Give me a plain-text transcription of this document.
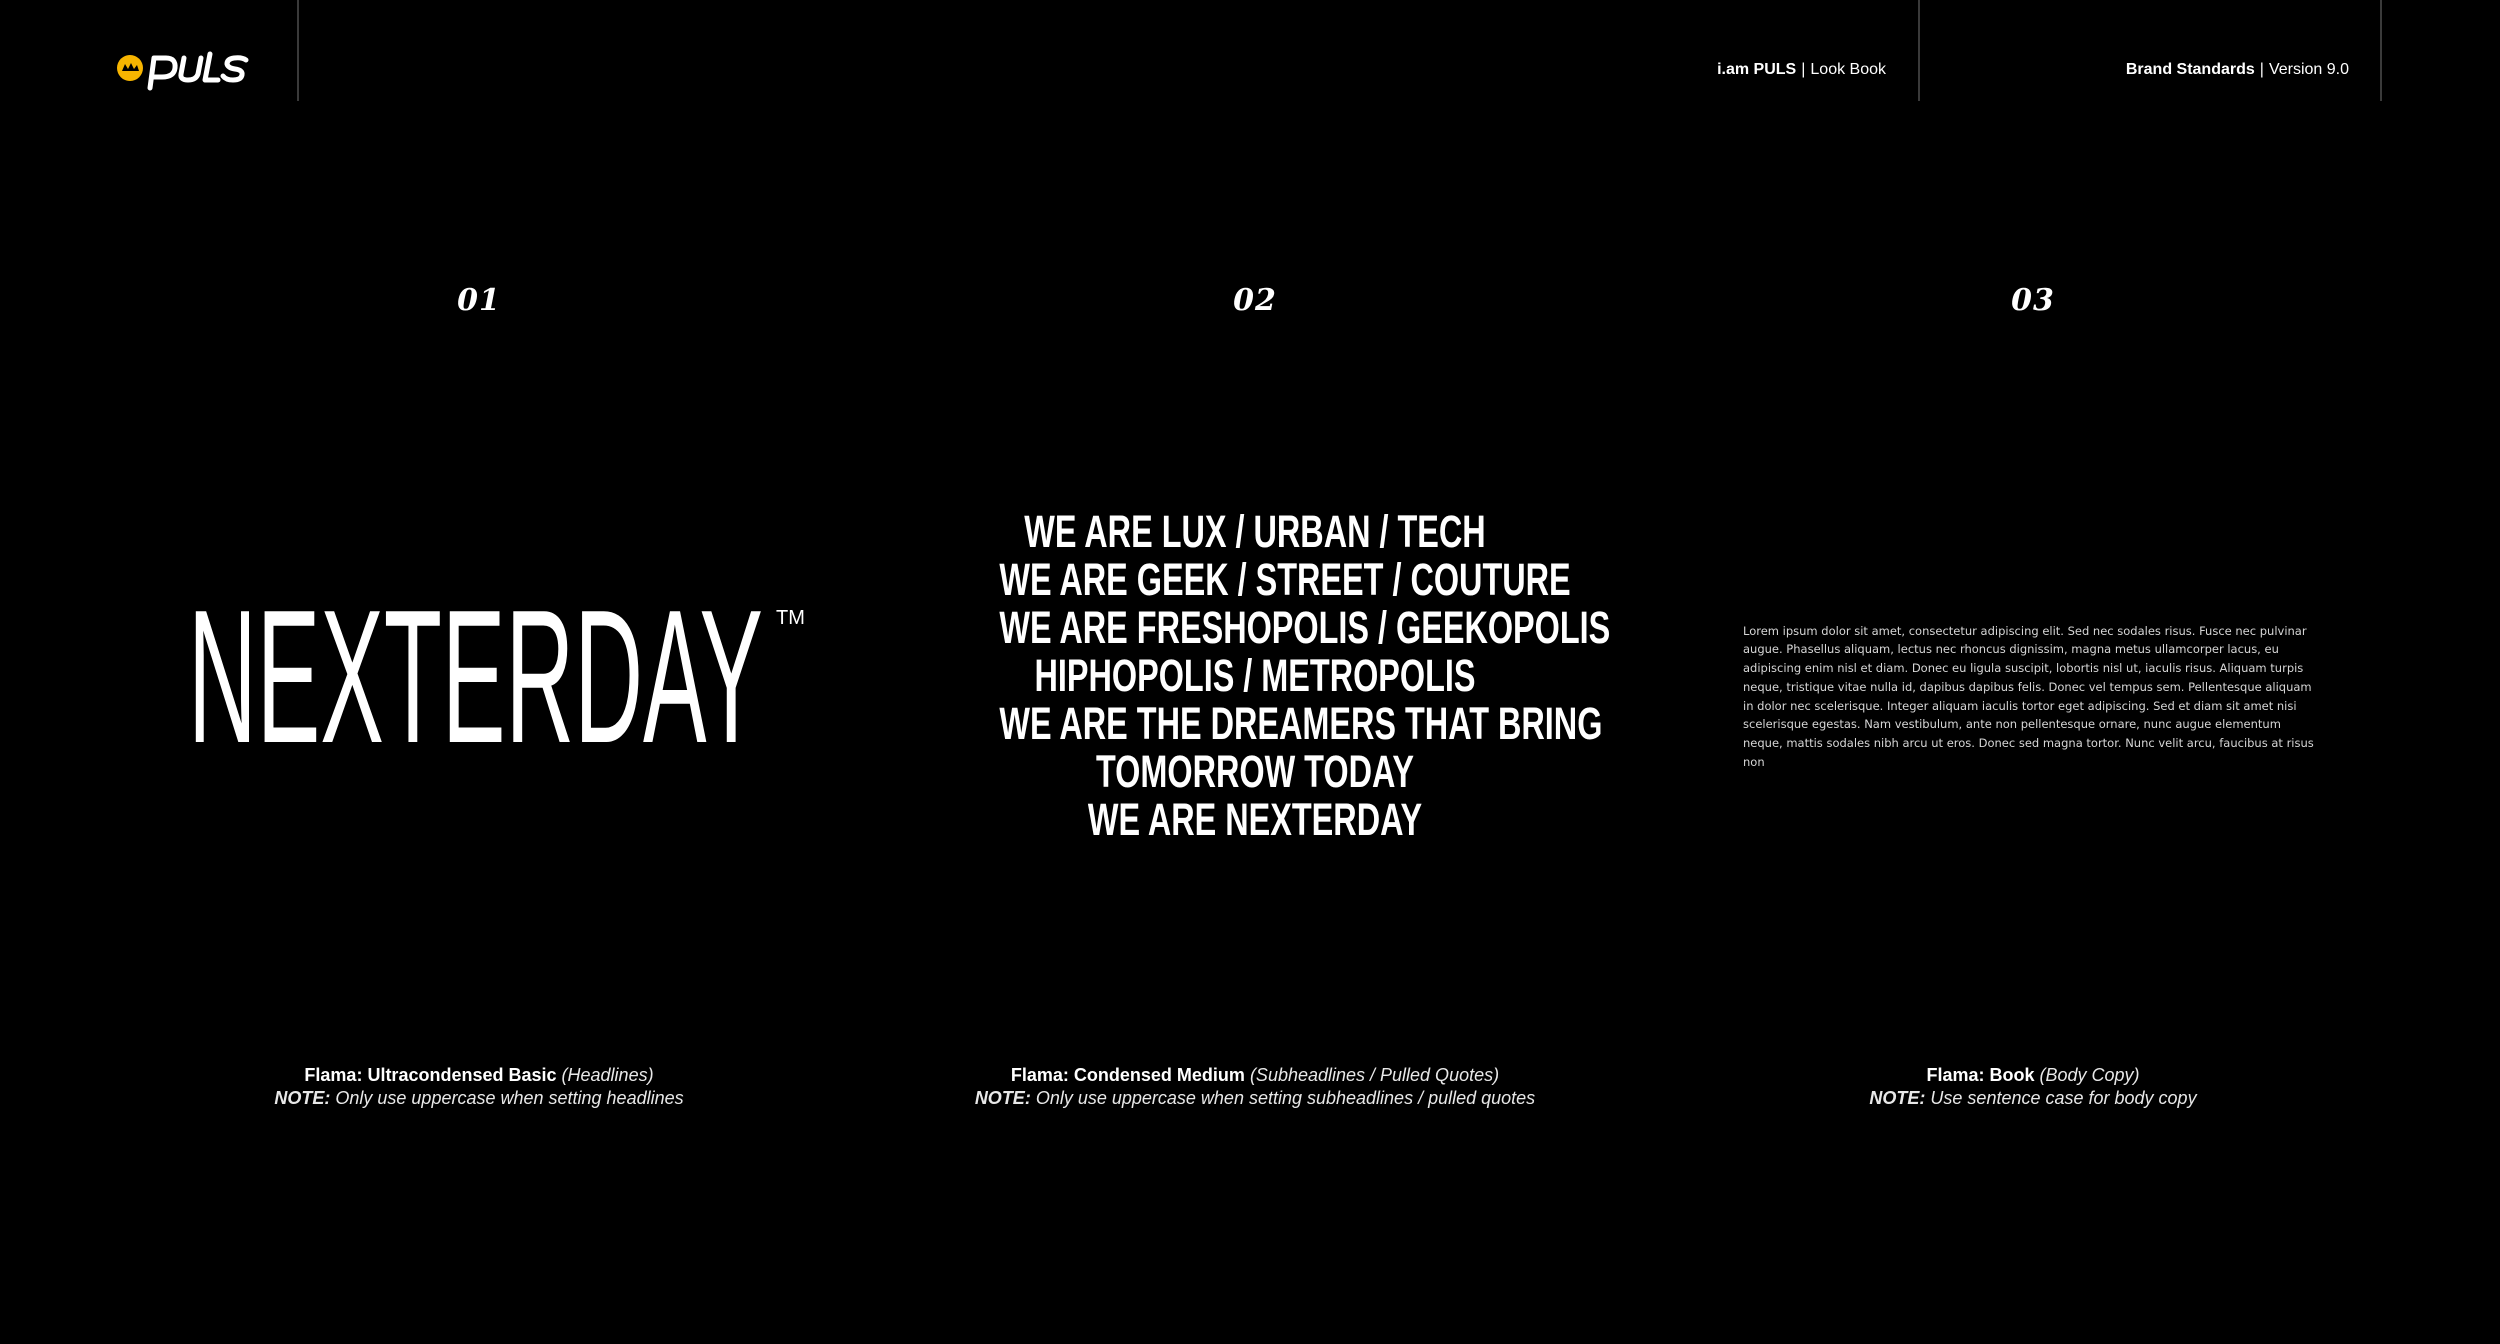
i.am PULS | Look Book	Brand Standards | Version 9.0
01	02	03
NEXTERDAY TM
WE ARE LUX / URBAN / TECH
WE ARE GEEK / STREET / COUTURE
WE ARE FRESHOPOLIS / GEEKOPOLIS
HIPHOPOLIS / METROPOLIS
WE ARE THE DREAMERS THAT BRING
TOMORROW TODAY
WE ARE NEXTERDAY

Lorem ipsum dolor sit amet, consectetur adipiscing elit. Sed nec sodales risus. Fusce nec pulvinar augue. Phasellus aliquam, lectus nec rhoncus dignissim, magna metus ullamcorper lacus, eu adipiscing enim nisl et diam. Donec eu ligula suscipit, lobortis nisl ut, iaculis risus. Aliquam turpis neque, tristique vitae nulla id, dapibus dapibus felis. Donec vel tempus sem. Pellentesque aliquam in dolor nec scelerisque. Integer aliquam iaculis tortor eget adipiscing. Sed et diam sit amet nisi scelerisque egestas. Nam vestibulum, ante non pellentesque ornare, nunc augue elementum neque, mattis sodales nibh arcu ut eros. Donec sed magna tortor. Nunc velit arcu, faucibus at risus non

Flama: Ultracondensed Basic (Headlines)
NOTE: Only use uppercase when setting headlines
Flama: Condensed Medium (Subheadlines / Pulled Quotes)
NOTE: Only use uppercase when setting subheadlines / pulled quotes
Flama: Book (Body Copy)
NOTE: Use sentence case for body copy
